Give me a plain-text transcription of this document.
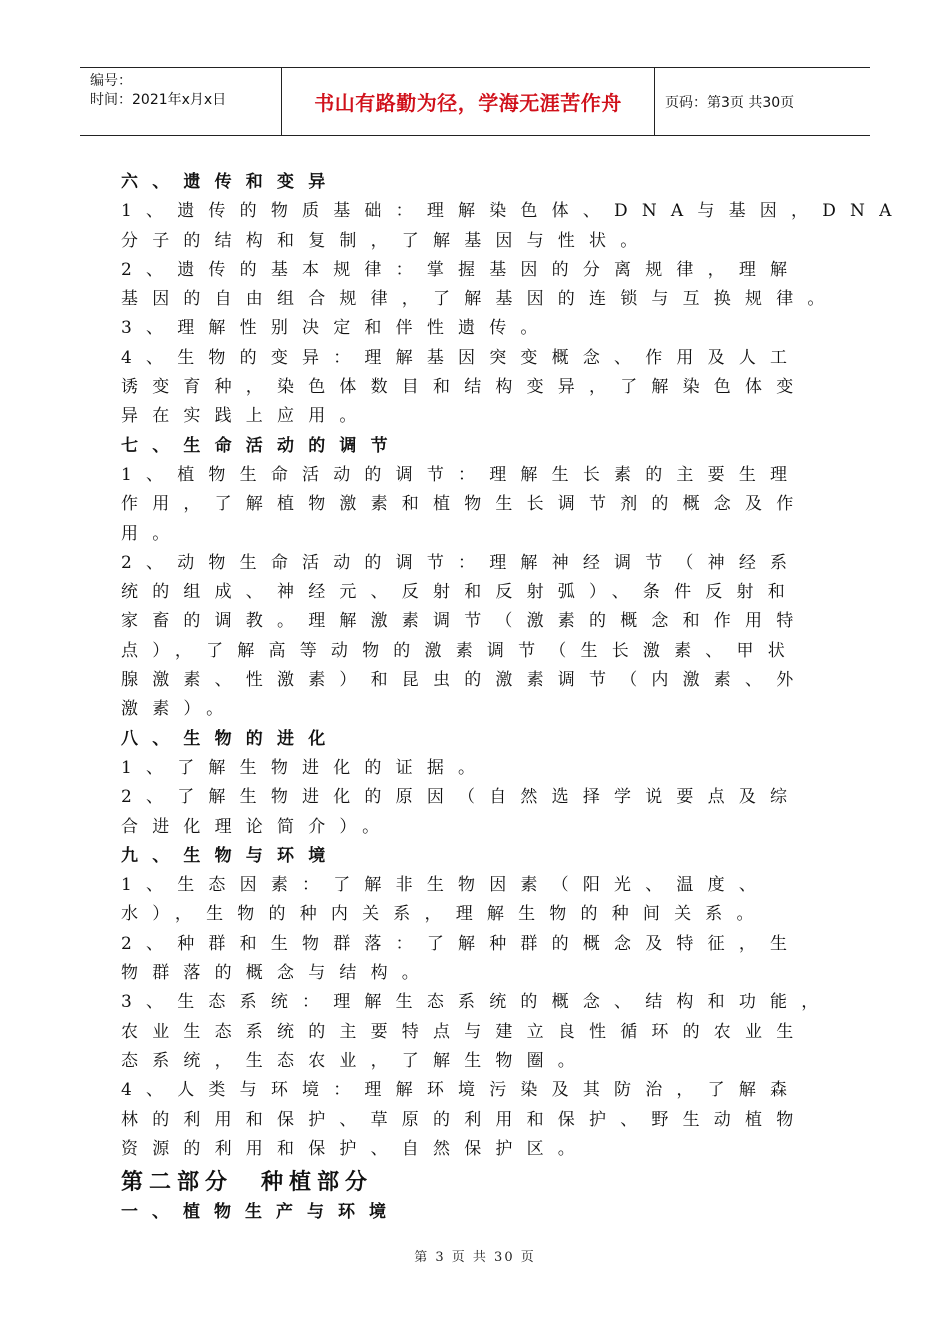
编号：
时间：2021年x月x日	书山有路勤为径，学海无涯苦作舟	页码：第3页 共30页
六、遗传和变异
1、遗传的物质基础：理解染色体、DNA与基因，DNA
分子的结构和复制，了解基因与性状。
2、遗传的基本规律：掌握基因的分离规律，理解
基因的自由组合规律，了解基因的连锁与互换规律。
3、理解性别决定和伴性遗传。
4、生物的变异：理解基因突变概念、作用及人工
诱变育种，染色体数目和结构变异，了解染色体变
异在实践上应用。
七、生命活动的调节
1、植物生命活动的调节：理解生长素的主要生理
作用，了解植物激素和植物生长调节剂的概念及作
用。
2、动物生命活动的调节：理解神经调节（神经系
统的组成、神经元、反射和反射弧）、条件反射和
家畜的调教。理解激素调节（激素的概念和作用特
点），了解高等动物的激素调节（生长激素、甲状
腺激素、性激素）和昆虫的激素调节（内激素、外
激素）。
八、生物的进化
1、了解生物进化的证据。
2、了解生物进化的原因（自然选择学说要点及综
合进化理论简介）。
九、生物与环境
1、生态因素：了解非生物因素（阳光、温度、
水），生物的种内关系，理解生物的种间关系。
2、种群和生物群落：了解种群的概念及特征，生
物群落的概念与结构。
3、生态系统：理解生态系统的概念、结构和功能，
农业生态系统的主要特点与建立良性循环的农业生
态系统，生态农业，了解生物圈。
4、人类与环境：理解环境污染及其防治，了解森
林的利用和保护、草原的利用和保护、野生动植物
资源的利用和保护、自然保护区。
第二部分 种植部分
一、植物生产与环境
第 3 页 共 30 页
